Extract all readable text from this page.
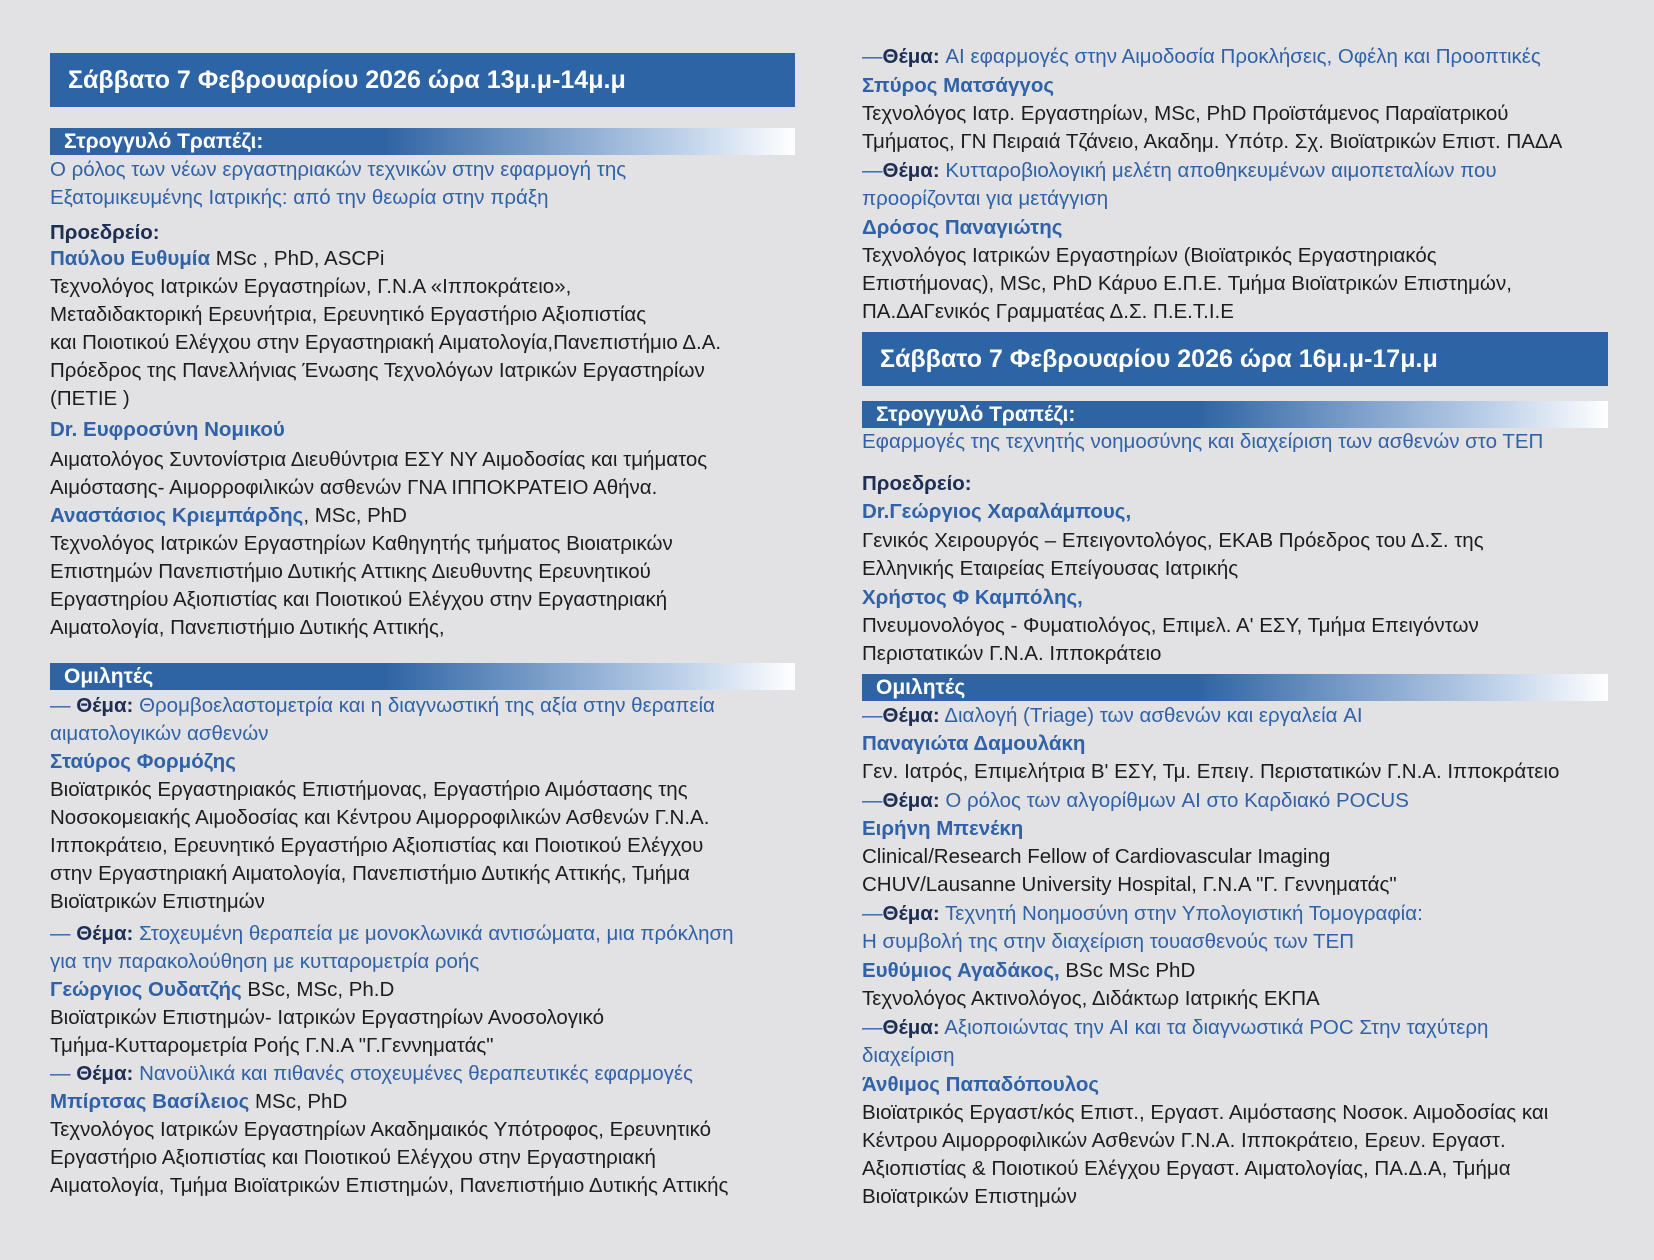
Σάββατο 7 Φεβρουαρίου 2026 ώρα 13μ.μ-14μ.μ
Στρογγυλό Τραπέζι:
Ο ρόλος των νέων εργαστηριακών τεχνικών στην εφαρμογή της
Εξατομικευμένης Ιατρικής: από την θεωρία στην πράξη
Προεδρείο:
Παύλου Ευθυμία MSc , PhD, ASCPi
Τεχνολόγος Ιατρικών Εργαστηρίων, Γ.Ν.Α «Ιπποκράτειο»,
Μεταδιδακτορική Ερευνήτρια, Ερευνητικό Εργαστήριο Αξιοπιστίας
και Ποιοτικού Ελέγχου στην Εργαστηριακή Αιματολογία,Πανεπιστήμιο Δ.Α.
Πρόεδρος της Πανελλήνιας Ένωσης Τεχνολόγων Ιατρικών Εργαστηρίων
(ΠΕΤΙΕ )
Dr. Ευφροσύνη Νομικού
Αιματολόγος Συντονίστρια Διευθύντρια ΕΣΥ ΝΥ Αιμοδοσίας και τμήματος
Αιμόστασης- Αιμορροφιλικών ασθενών ΓΝΑ ΙΠΠΟΚΡΑΤΕΙΟ Αθήνα.
Αναστάσιος Κριεμπάρδης, MSc, PhD
Τεχνολόγος Ιατρικών Εργαστηρίων Καθηγητής τμήματος Βιοιατρικών
Επιστημών Πανεπιστήμιο Δυτικής Αττικης Διευθυντης Ερευνητικού
Εργαστηρίου Αξιοπιστίας και Ποιοτικού Ελέγχου στην Εργαστηριακή
Αιματολογία, Πανεπιστήμιο Δυτικής Αττικής,
Ομιλητές
— Θέμα: Θρομβοελαστομετρία και η διαγνωστική της αξία στην θεραπεία
αιματολογικών ασθενών
Σταύρος Φορμόζης
Βιοϊατρικός Εργαστηριακός Επιστήμονας, Εργαστήριο Αιμόστασης της
Νοσοκομειακής Αιμοδοσίας και Κέντρου Αιμορροφιλικών Ασθενών Γ.Ν.Α.
Ιπποκράτειο, Ερευνητικό Εργαστήριο Αξιοπιστίας και Ποιοτικού Ελέγχου
στην Εργαστηριακή Αιματολογία, Πανεπιστήμιο Δυτικής Αττικής, Τμήμα
Βιοϊατρικών Επιστημών
— Θέμα: Στοχευμένη θεραπεία με μονοκλωνικά αντισώματα, μια πρόκληση
για την παρακολούθηση με κυτταρομετρία ροής
Γεώργιος Ουδατζής BSc, MSc, Ph.D
Βιοϊατρικών Επιστημών- Ιατρικών Εργαστηρίων Ανοσολογικό
Τμήμα-Κυτταρομετρία Ροής Γ.Ν.Α "Γ.Γεννηματάς"
— Θέμα: Νανοϋλικά και πιθανές στοχευμένες θεραπευτικές εφαρμογές
Μπίρτσας Βασίλειος MSc, PhD
Τεχνολόγος Ιατρικών Εργαστηρίων Ακαδημαικός Υπότροφος, Ερευνητικό
Εργαστήριο Αξιοπιστίας και Ποιοτικού Ελέγχου στην Εργαστηριακή
Αιματολογία, Τμήμα Βιοϊατρικών Επιστημών, Πανεπιστήμιο Δυτικής Αττικής
—Θέμα: AI εφαρμογές στην Αιμοδοσία Προκλήσεις, Οφέλη και Προοπτικές
Σπύρος Ματσάγγος
Τεχνολόγος Ιατρ. Εργαστηρίων, MSc, PhD Προϊστάμενος Παραϊατρικού
Τμήματος, ΓΝ Πειραιά Τζάνειο, Ακαδημ. Υπότρ. Σχ. Βιοϊατρικών Επιστ. ΠΑΔΑ
—Θέμα: Κυτταροβιολογική μελέτη αποθηκευμένων αιμοπεταλίων που
προορίζονται για μετάγγιση
Δρόσος Παναγιώτης
Τεχνολόγος Ιατρικών Εργαστηρίων (Βιοϊατρικός Εργαστηριακός
Επιστήμονας), MSc, PhD Κάρυο Ε.Π.Ε. Τμήμα Βιοϊατρικών Επιστημών,
ΠΑ.ΔΑΓενικός Γραμματέας Δ.Σ. Π.Ε.Τ.Ι.Ε
Σάββατο 7 Φεβρουαρίου 2026 ώρα 16μ.μ-17μ.μ
Στρογγυλό Τραπέζι:
Εφαρμογές της τεχνητής νοημοσύνης και διαχείριση των ασθενών στο ΤΕΠ
Προεδρείο:
Dr.Γεώργιος Χαραλάμπους,
Γενικός Χειρουργός – Επειγοντολόγος, ΕΚΑΒ Πρόεδρος του Δ.Σ. της
Ελληνικής Εταιρείας Επείγουσας Ιατρικής
Χρήστος Φ Καμπόλης,
Πνευμονολόγος - Φυματιολόγος, Επιμελ. Α' ΕΣΥ, Τμήμα Επειγόντων
Περιστατικών Γ.Ν.Α. Ιπποκράτειο
Ομιλητές
—Θέμα: Διαλογή (Triage) των ασθενών και εργαλεία AI
Παναγιώτα Δαμουλάκη
Γεν. Ιατρός, Επιμελήτρια Β' ΕΣΥ, Τμ. Επειγ. Περιστατικών Γ.Ν.Α. Ιπποκράτειο
—Θέμα: Ο ρόλος των αλγορίθμων AI στο Καρδιακό POCUS
Ειρήνη Μπενέκη
Clinical/Research Fellow of Cardiovascular Imaging
CHUV/Lausanne University Hospital, Γ.Ν.Α "Γ. Γεννηματάς"
—Θέμα: Τεχνητή Νοημοσύνη στην Υπολογιστική Τομογραφία:
Η συμβολή της στην διαχείριση τουασθενούς των ΤΕΠ
Ευθύμιος Αγαδάκος, BSc MSc PhD
Τεχνολόγος Ακτινολόγος, Διδάκτωρ Ιατρικής ΕΚΠΑ
—Θέμα: Αξιοποιώντας την AI και τα διαγνωστικά POC Στην ταχύτερη
διαχείριση
Άνθιμος Παπαδόπουλος
Βιοϊατρικός Εργαστ/κός Επιστ., Εργαστ. Αιμόστασης Νοσοκ. Αιμοδοσίας και
Κέντρου Αιμορροφιλικών Ασθενών Γ.Ν.Α. Ιπποκράτειο, Ερευν. Εργαστ.
Αξιοπιστίας & Ποιοτικού Ελέγχου Εργαστ. Αιματολογίας, ΠΑ.Δ.Α, Τμήμα
Βιοϊατρικών Επιστημών
